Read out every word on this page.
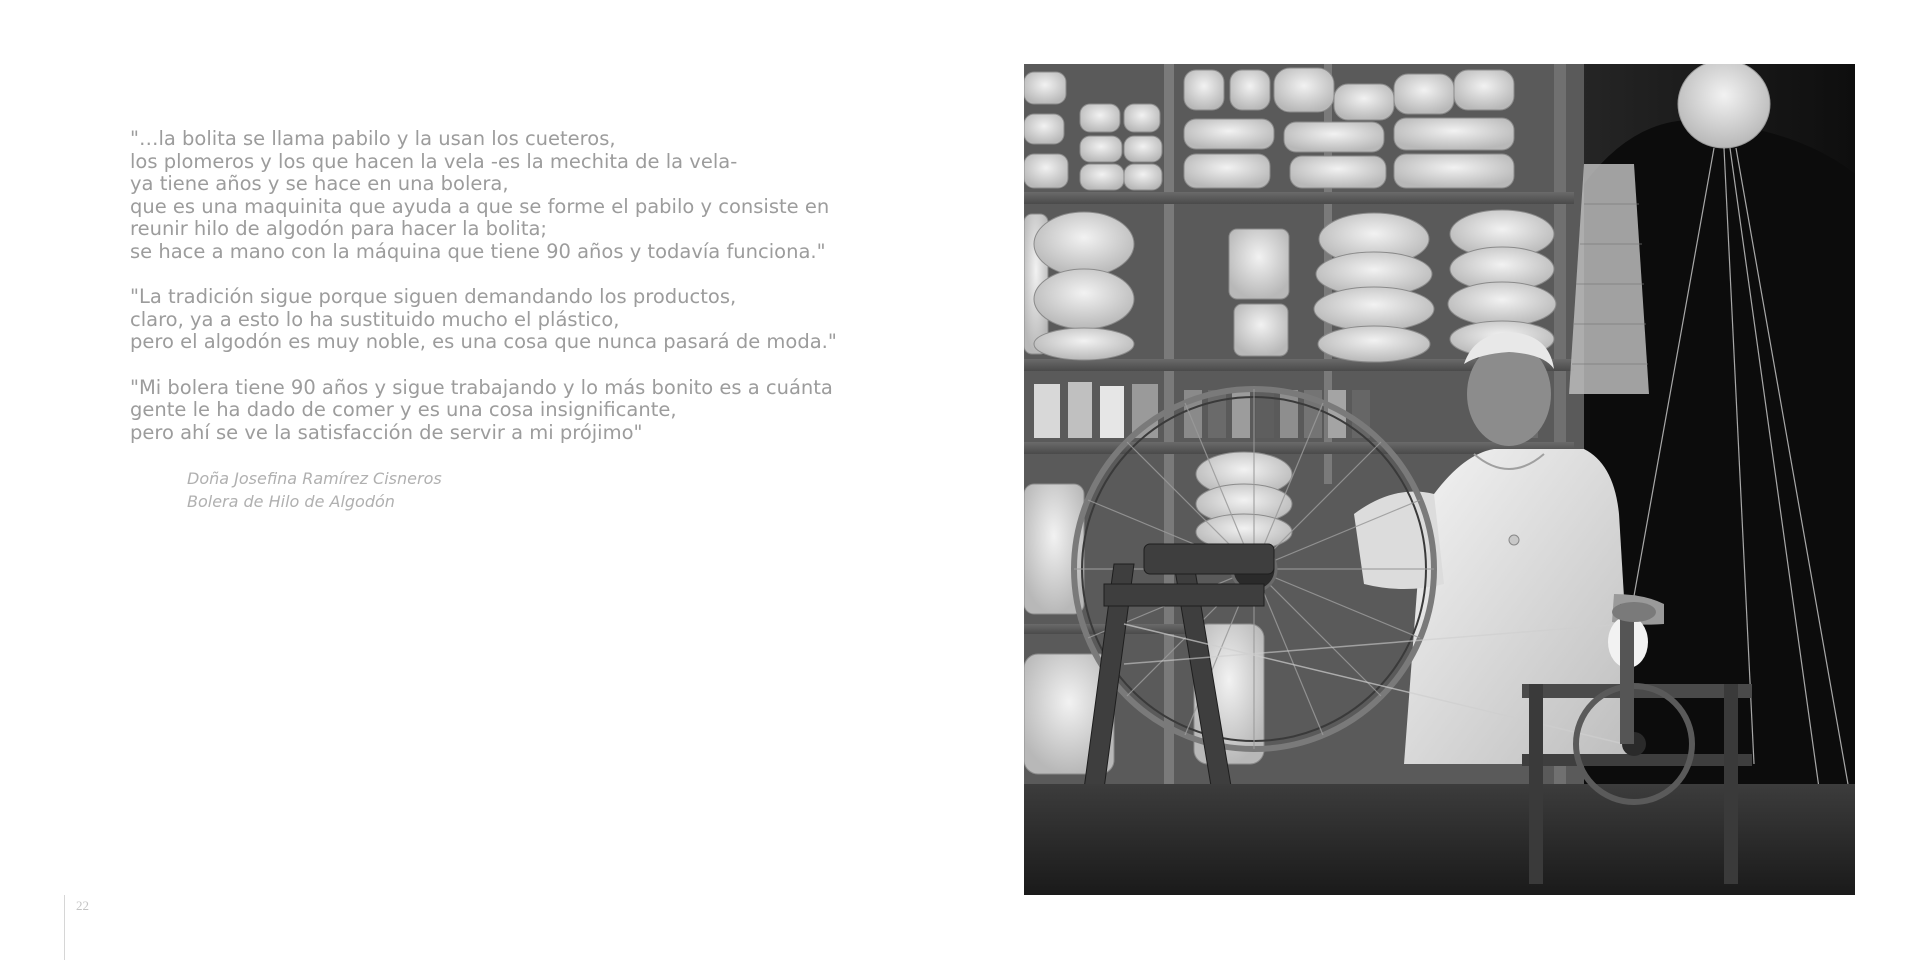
"…la bolita se llama pabilo y la usan los cueteros,
los plomeros y los que hacen la vela -es la mechita de la vela-
ya tiene años y se hace en una bolera,
que es una maquinita que ayuda a que se forme el pabilo y consiste en
reunir hilo de algodón para hacer la bolita;
se hace a mano con la máquina que tiene 90 años y todavía funciona."

"La tradición sigue porque siguen demandando los productos,
claro, ya a esto lo ha sustituido mucho el plástico,
pero el algodón es muy noble, es una cosa que nunca pasará de moda."

"Mi bolera tiene 90 años y sigue trabajando y lo más bonito es a cuánta
gente le ha dado de comer y es una cosa insignificante,
pero ahí se ve la satisfacción de servir a mi prójimo"

Doña Josefina Ramírez Cisneros
Bolera de Hilo de Algodón
22
